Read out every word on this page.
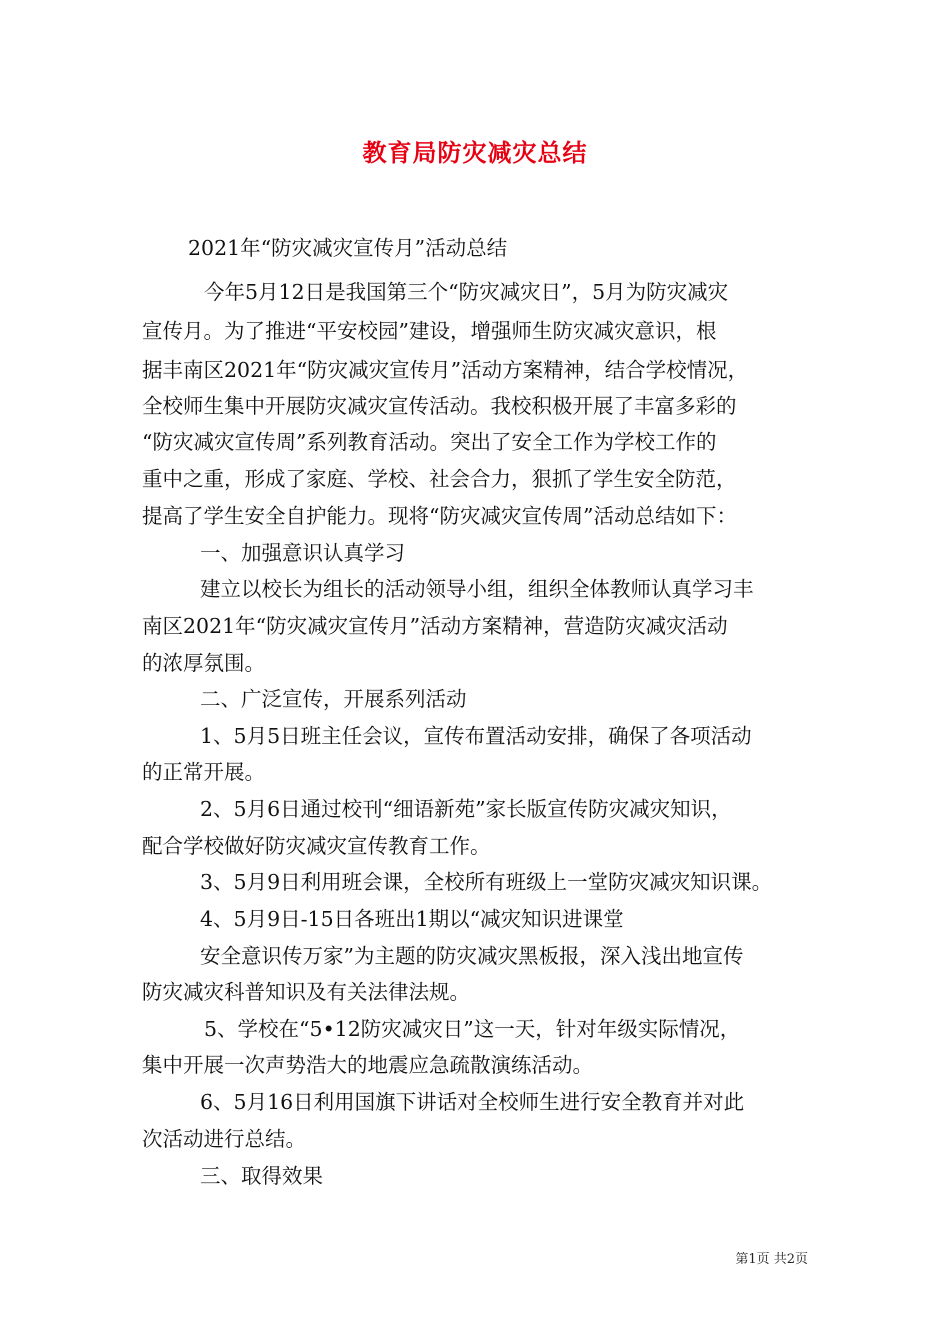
教育局防灾减灾总结
2021年“防灾减灾宣传月”活动总结
今年5月12日是我国第三个“防灾减灾日”，5月为防灾减灾
宣传月。为了推进“平安校园”建设，增强师生防灾减灾意识，根
据丰南区2021年“防灾减灾宣传月”活动方案精神，结合学校情况，
全校师生集中开展防灾减灾宣传活动。我校积极开展了丰富多彩的
“防灾减灾宣传周”系列教育活动。突出了安全工作为学校工作的
重中之重，形成了家庭、学校、社会合力，狠抓了学生安全防范，
提高了学生安全自护能力。现将“防灾减灾宣传周”活动总结如下：
一、加强意识认真学习
建立以校长为组长的活动领导小组，组织全体教师认真学习丰
南区2021年“防灾减灾宣传月”活动方案精神，营造防灾减灾活动
的浓厚氛围。
二、广泛宣传，开展系列活动
1、5月5日班主任会议，宣传布置活动安排，确保了各项活动
的正常开展。
2、5月6日通过校刊“细语新苑”家长版宣传防灾减灾知识，
配合学校做好防灾减灾宣传教育工作。
3、5月9日利用班会课，全校所有班级上一堂防灾减灾知识课。
4、5月9日-15日各班出1期以“减灾知识进课堂
安全意识传万家”为主题的防灾减灾黑板报，深入浅出地宣传
防灾减灾科普知识及有关法律法规。
5、学校在“5•12防灾减灾日”这一天，针对年级实际情况，
集中开展一次声势浩大的地震应急疏散演练活动。
6、5月16日利用国旗下讲话对全校师生进行安全教育并对此
次活动进行总结。
三、取得效果
第1页 共2页
